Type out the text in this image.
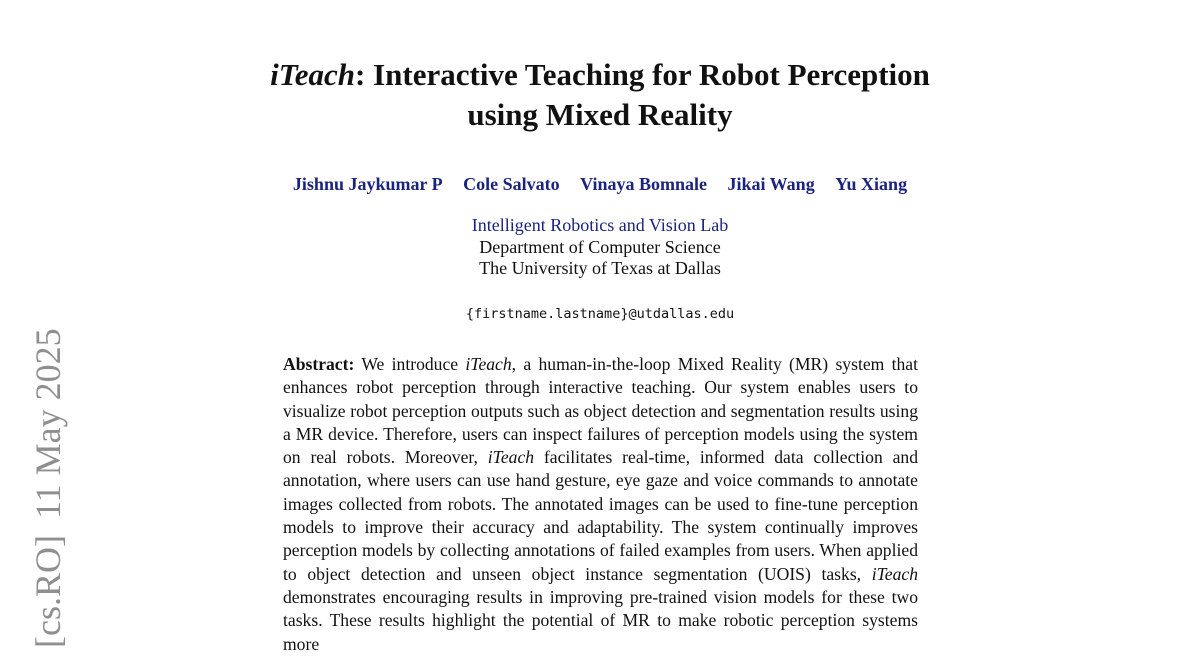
[cs.RO]11 May 2025
iTeach: Interactive Teaching for Robot Perception
using Mixed Reality
Jishnu Jaykumar P Cole Salvato Vinaya Bomnale Jikai Wang Yu Xiang
Intelligent Robotics and Vision Lab
Department of Computer Science
The University of Texas at Dallas
{firstname.lastname}@utdallas.edu
Abstract: We introduce iTeach, a human-in-the-loop Mixed Reality (MR) system that enhances robot perception through interactive teaching. Our system enables users to visualize robot perception outputs such as object detection and segmentation results using a MR device. Therefore, users can inspect failures of perception models using the system on real robots. Moreover, iTeach facilitates real-time, informed data collection and annotation, where users can use hand gesture, eye gaze and voice commands to annotate images collected from robots. The annotated images can be used to fine-tune perception models to improve their accuracy and adaptability. The system continually improves perception models by collecting annotations of failed examples from users. When applied to object detection and unseen object instance segmentation (UOIS) tasks, iTeach demonstrates encouraging results in improving pre-trained vision models for these two tasks. These results highlight the potential of MR to make robotic perception systems more
